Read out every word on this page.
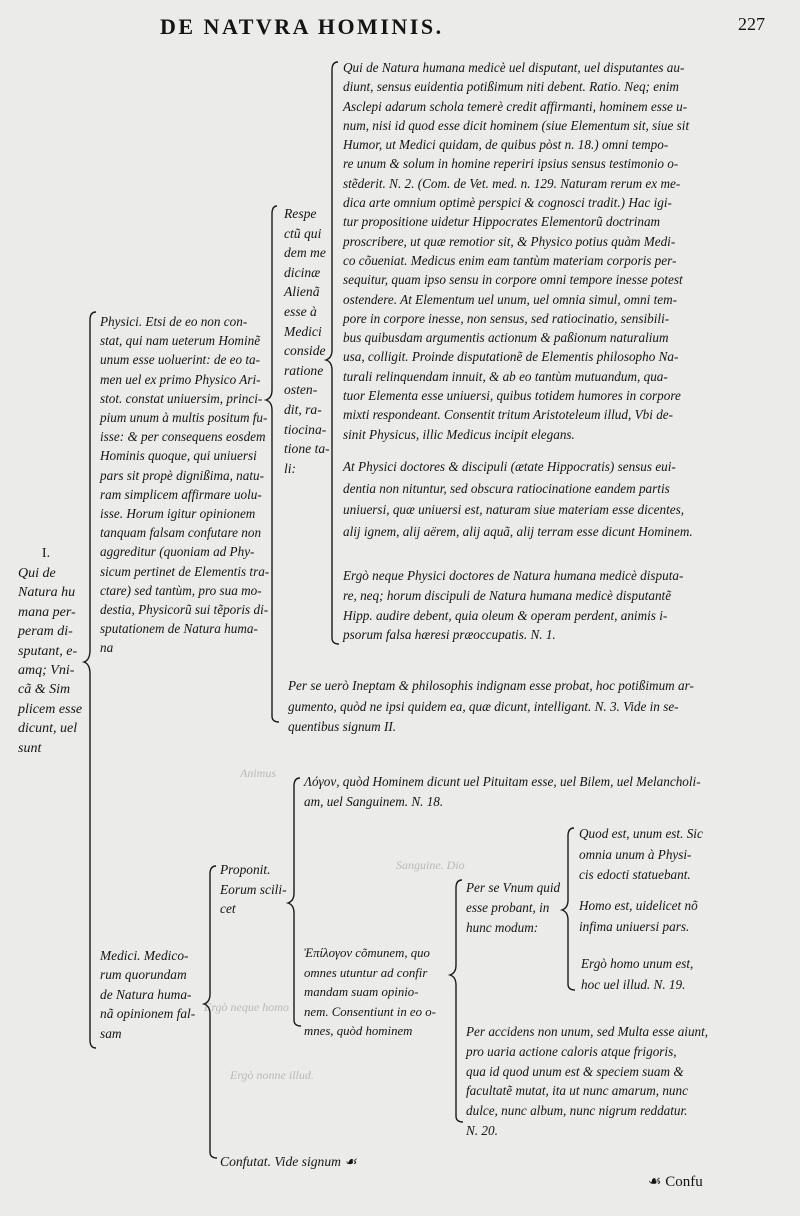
Sanguine. Dio
Ergò neque homo
Animus
Ergò nonne illud.
DE NATVRA HOMINIS.	227
I.
Qui de
Natura hu
mana per-
peram di-
sputant, e-
amq; Vni-
cã & Sim
plicem esse
dicunt, uel
sunt
Physici. Etsi de eo non con-
stat, qui nam ueterum Hominẽ
unum esse uoluerint: de eo ta-
men uel ex primo Physico Ari-
stot. constat uniuersim, princi-
pium unum à multis positum fu-
isse: & per consequens eosdem
Hominis quoque, qui uniuersi
pars sit propè dignißima, natu-
ram simplicem affirmare uolu-
isse. Horum igitur opinionem
tanquam falsam confutare non
aggreditur (quoniam ad Phy-
sicum pertinet de Elementis tra-
ctare) sed tantùm, pro sua mo-
destia, Physicorũ sui tẽporis di-
sputationem de Natura huma-
na
Respe
ctũ qui
dem me
dicinæ
Alienã
esse à
Medici
conside
ratione
osten-
dit, ra-
tiocina-
tione ta-
li:
Qui de Natura humana medicè uel disputant, uel disputantes au-
diunt, sensus euidentia potißimum niti debent. Ratio. Neq; enim
Asclepi adarum schola temerè credit affirmanti, hominem esse u-
num, nisi id quod esse dicit hominem (siue Elementum sit, siue sit
Humor, ut Medici quidam, de quibus pòst n. 18.) omni tempo-
re unum & solum in homine reperiri ipsius sensus testimonio o-
stẽderit. N. 2. (Com. de Vet. med. n. 129. Naturam rerum ex me-
dica arte omnium optimè perspici & cognosci tradit.) Hac igi-
tur propositione uidetur Hippocrates Elementorũ doctrinam
proscribere, ut quæ remotior sit, & Physico potius quàm Medi-
co cõueniat. Medicus enim eam tantùm materiam corporis per-
sequitur, quam ipso sensu in corpore omni tempore inesse potest
ostendere. At Elementum uel unum, uel omnia simul, omni tem-
pore in corpore inesse, non sensus, sed ratiocinatio, sensibili-
bus quibusdam argumentis actionum & paßionum naturalium
usa, colligit. Proinde disputationẽ de Elementis philosopho Na-
turali relinquendam innuit, & ab eo tantùm mutuandum, qua-
tuor Elementa esse uniuersi, quibus totidem humores in corpore
mixti respondeant. Consentit tritum Aristoteleum illud, Vbi de-
sinit Physicus, illic Medicus incipit elegans.
At Physici doctores & discipuli (ætate Hippocratis) sensus eui-
dentia non nituntur, sed obscura ratiocinatione eandem partis
uniuersi, quæ uniuersi est, naturam siue materiam esse dicentes,
alij ignem, alij aërem, alij aquã, alij terram esse dicunt Hominem.
Ergò neque Physici doctores de Natura humana medicè disputa-
re, neq; horum discipuli de Natura humana medicè disputantẽ
Hipp. audire debent, quia oleum & operam perdent, animis i-
psorum falsa hæresi præoccupatis. N. 1.
Per se uerò Ineptam & philosophis indignam esse probat, hoc potißimum ar-
gumento, quòd ne ipsi quidem ea, quæ dicunt, intelligant. N. 3. Vide in se-
quentibus signum II.
Medici. Medico-
rum quorundam
de Natura huma-
nã opinionem fal-
sam
Proponit.
Eorum scili-
cet
Λόγον, quòd Hominem dicunt uel Pituitam esse, uel Bilem, uel Melancholi-
am, uel Sanguinem. N. 18.
Ἐπίλογον cõmunem, quo
omnes utuntur ad confir
mandam suam opinio-
nem. Consentiunt in eo o-
mnes, quòd hominem
Per se Vnum quid
esse probant, in
hunc modum:
Quod est, unum est. Sic
omnia unum à Physi-
cis edocti statuebant.
Homo est, uidelicet nõ
infima uniuersi pars.
Ergò homo unum est,
hoc uel illud. N. 19.
Per accidens non unum, sed Multa esse aiunt,
pro uaria actione caloris atque frigoris,
qua id quod unum est & speciem suam &
facultatẽ mutat, ita ut nunc amarum, nunc
dulce, nunc album, nunc nigrum reddatur.
N. 20.
Confutat. Vide signum ☙
☙ Confu
